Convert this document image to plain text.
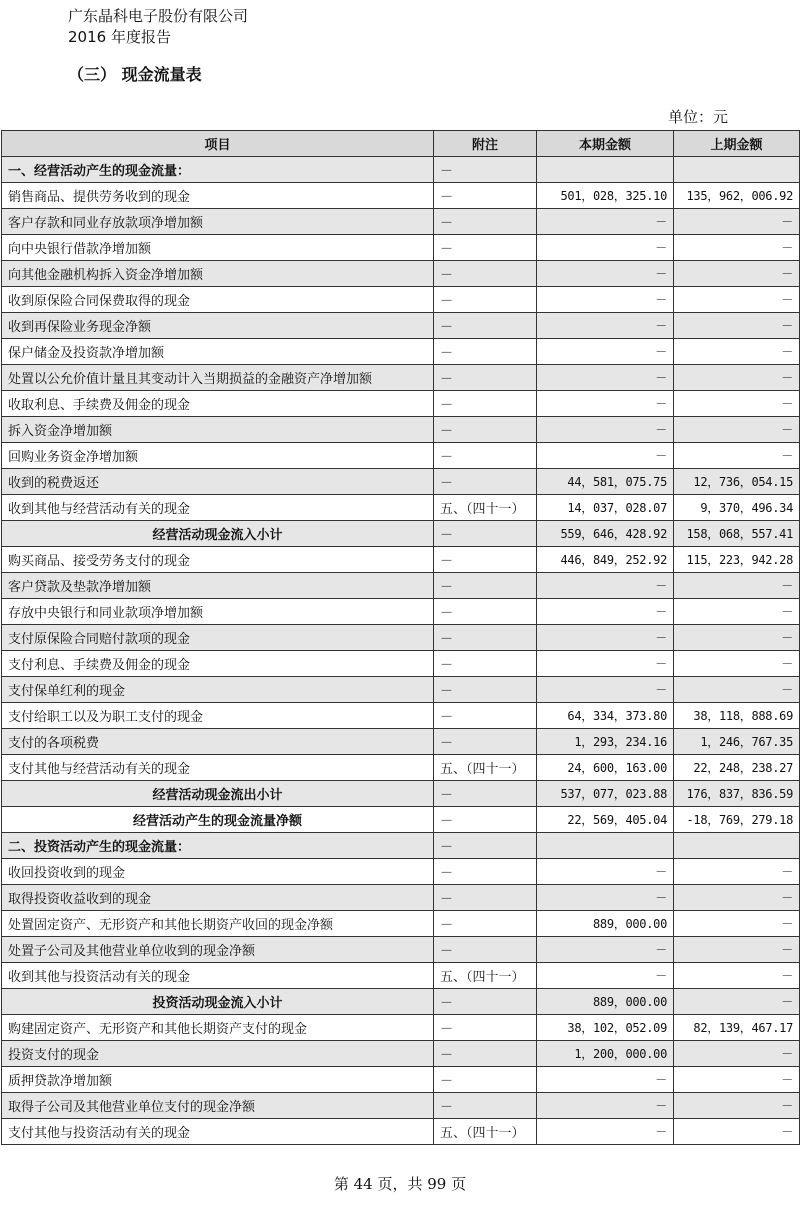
广东晶科电子股份有限公司
2016 年度报告
（三） 现金流量表
单位：元
项目	附注	本期金额	上期金额
一、经营活动产生的现金流量：	－		
销售商品、提供劳务收到的现金	－	501，028，325.10	135，962，006.92
客户存款和同业存放款项净增加额	－	－	－
向中央银行借款净增加额	－	－	－
向其他金融机构拆入资金净增加额	－	－	－
收到原保险合同保费取得的现金	－	－	－
收到再保险业务现金净额	－	－	－
保户储金及投资款净增加额	－	－	－
处置以公允价值计量且其变动计入当期损益的金融资产净增加额	－	－	－
收取利息、手续费及佣金的现金	－	－	－
拆入资金净增加额	－	－	－
回购业务资金净增加额	－	－	－
收到的税费返还	－	44，581，075.75	12，736，054.15
收到其他与经营活动有关的现金	五、（四十一）	14，037，028.07	9，370，496.34
经营活动现金流入小计	－	559，646，428.92	158，068，557.41
购买商品、接受劳务支付的现金	－	446，849，252.92	115，223，942.28
客户贷款及垫款净增加额	－	－	－
存放中央银行和同业款项净增加额	－	－	－
支付原保险合同赔付款项的现金	－	－	－
支付利息、手续费及佣金的现金	－	－	－
支付保单红利的现金	－	－	－
支付给职工以及为职工支付的现金	－	64，334，373.80	38，118，888.69
支付的各项税费	－	1，293，234.16	1，246，767.35
支付其他与经营活动有关的现金	五、（四十一）	24，600，163.00	22，248，238.27
经营活动现金流出小计	－	537，077，023.88	176，837，836.59
经营活动产生的现金流量净额	－	22，569，405.04	-18，769，279.18
二、投资活动产生的现金流量：	－		
收回投资收到的现金	－	－	－
取得投资收益收到的现金	－	－	－
处置固定资产、无形资产和其他长期资产收回的现金净额	－	889，000.00	－
处置子公司及其他营业单位收到的现金净额	－	－	－
收到其他与投资活动有关的现金	五、（四十一）	－	－
投资活动现金流入小计	－	889，000.00	－
购建固定资产、无形资产和其他长期资产支付的现金	－	38，102，052.09	82，139，467.17
投资支付的现金	－	1，200，000.00	－
质押贷款净增加额	－	－	－
取得子公司及其他营业单位支付的现金净额	－	－	－
支付其他与投资活动有关的现金	五、（四十一）	－	－
第 44 页，共 99 页
